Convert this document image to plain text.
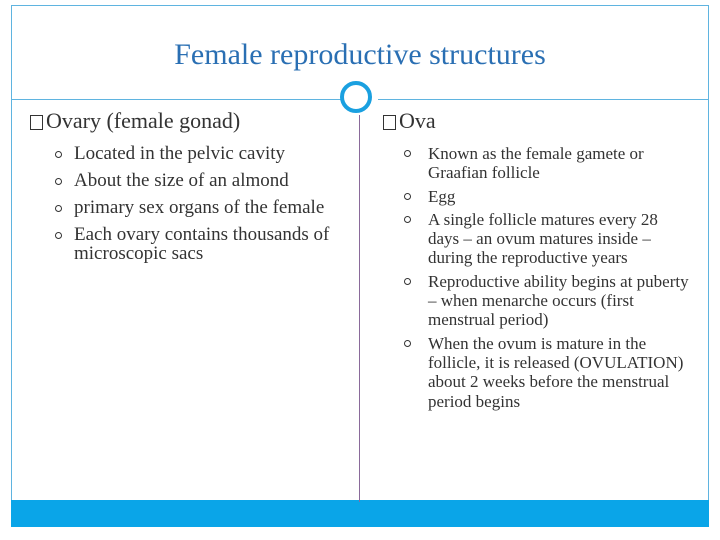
Female reproductive structures
Ovary (female gonad)
Located in the pelvic cavity
About the size of an almond
primary sex organs of the female
Each ovary contains thousands of microscopic sacs
Ova
Known as the female gamete or Graafian follicle
Egg
A single follicle matures every 28 days – an ovum matures inside – during the reproductive years
Reproductive ability begins at puberty – when menarche occurs (first menstrual period)
When the ovum is mature in the follicle, it is released (OVULATION) about 2 weeks before the menstrual period begins
